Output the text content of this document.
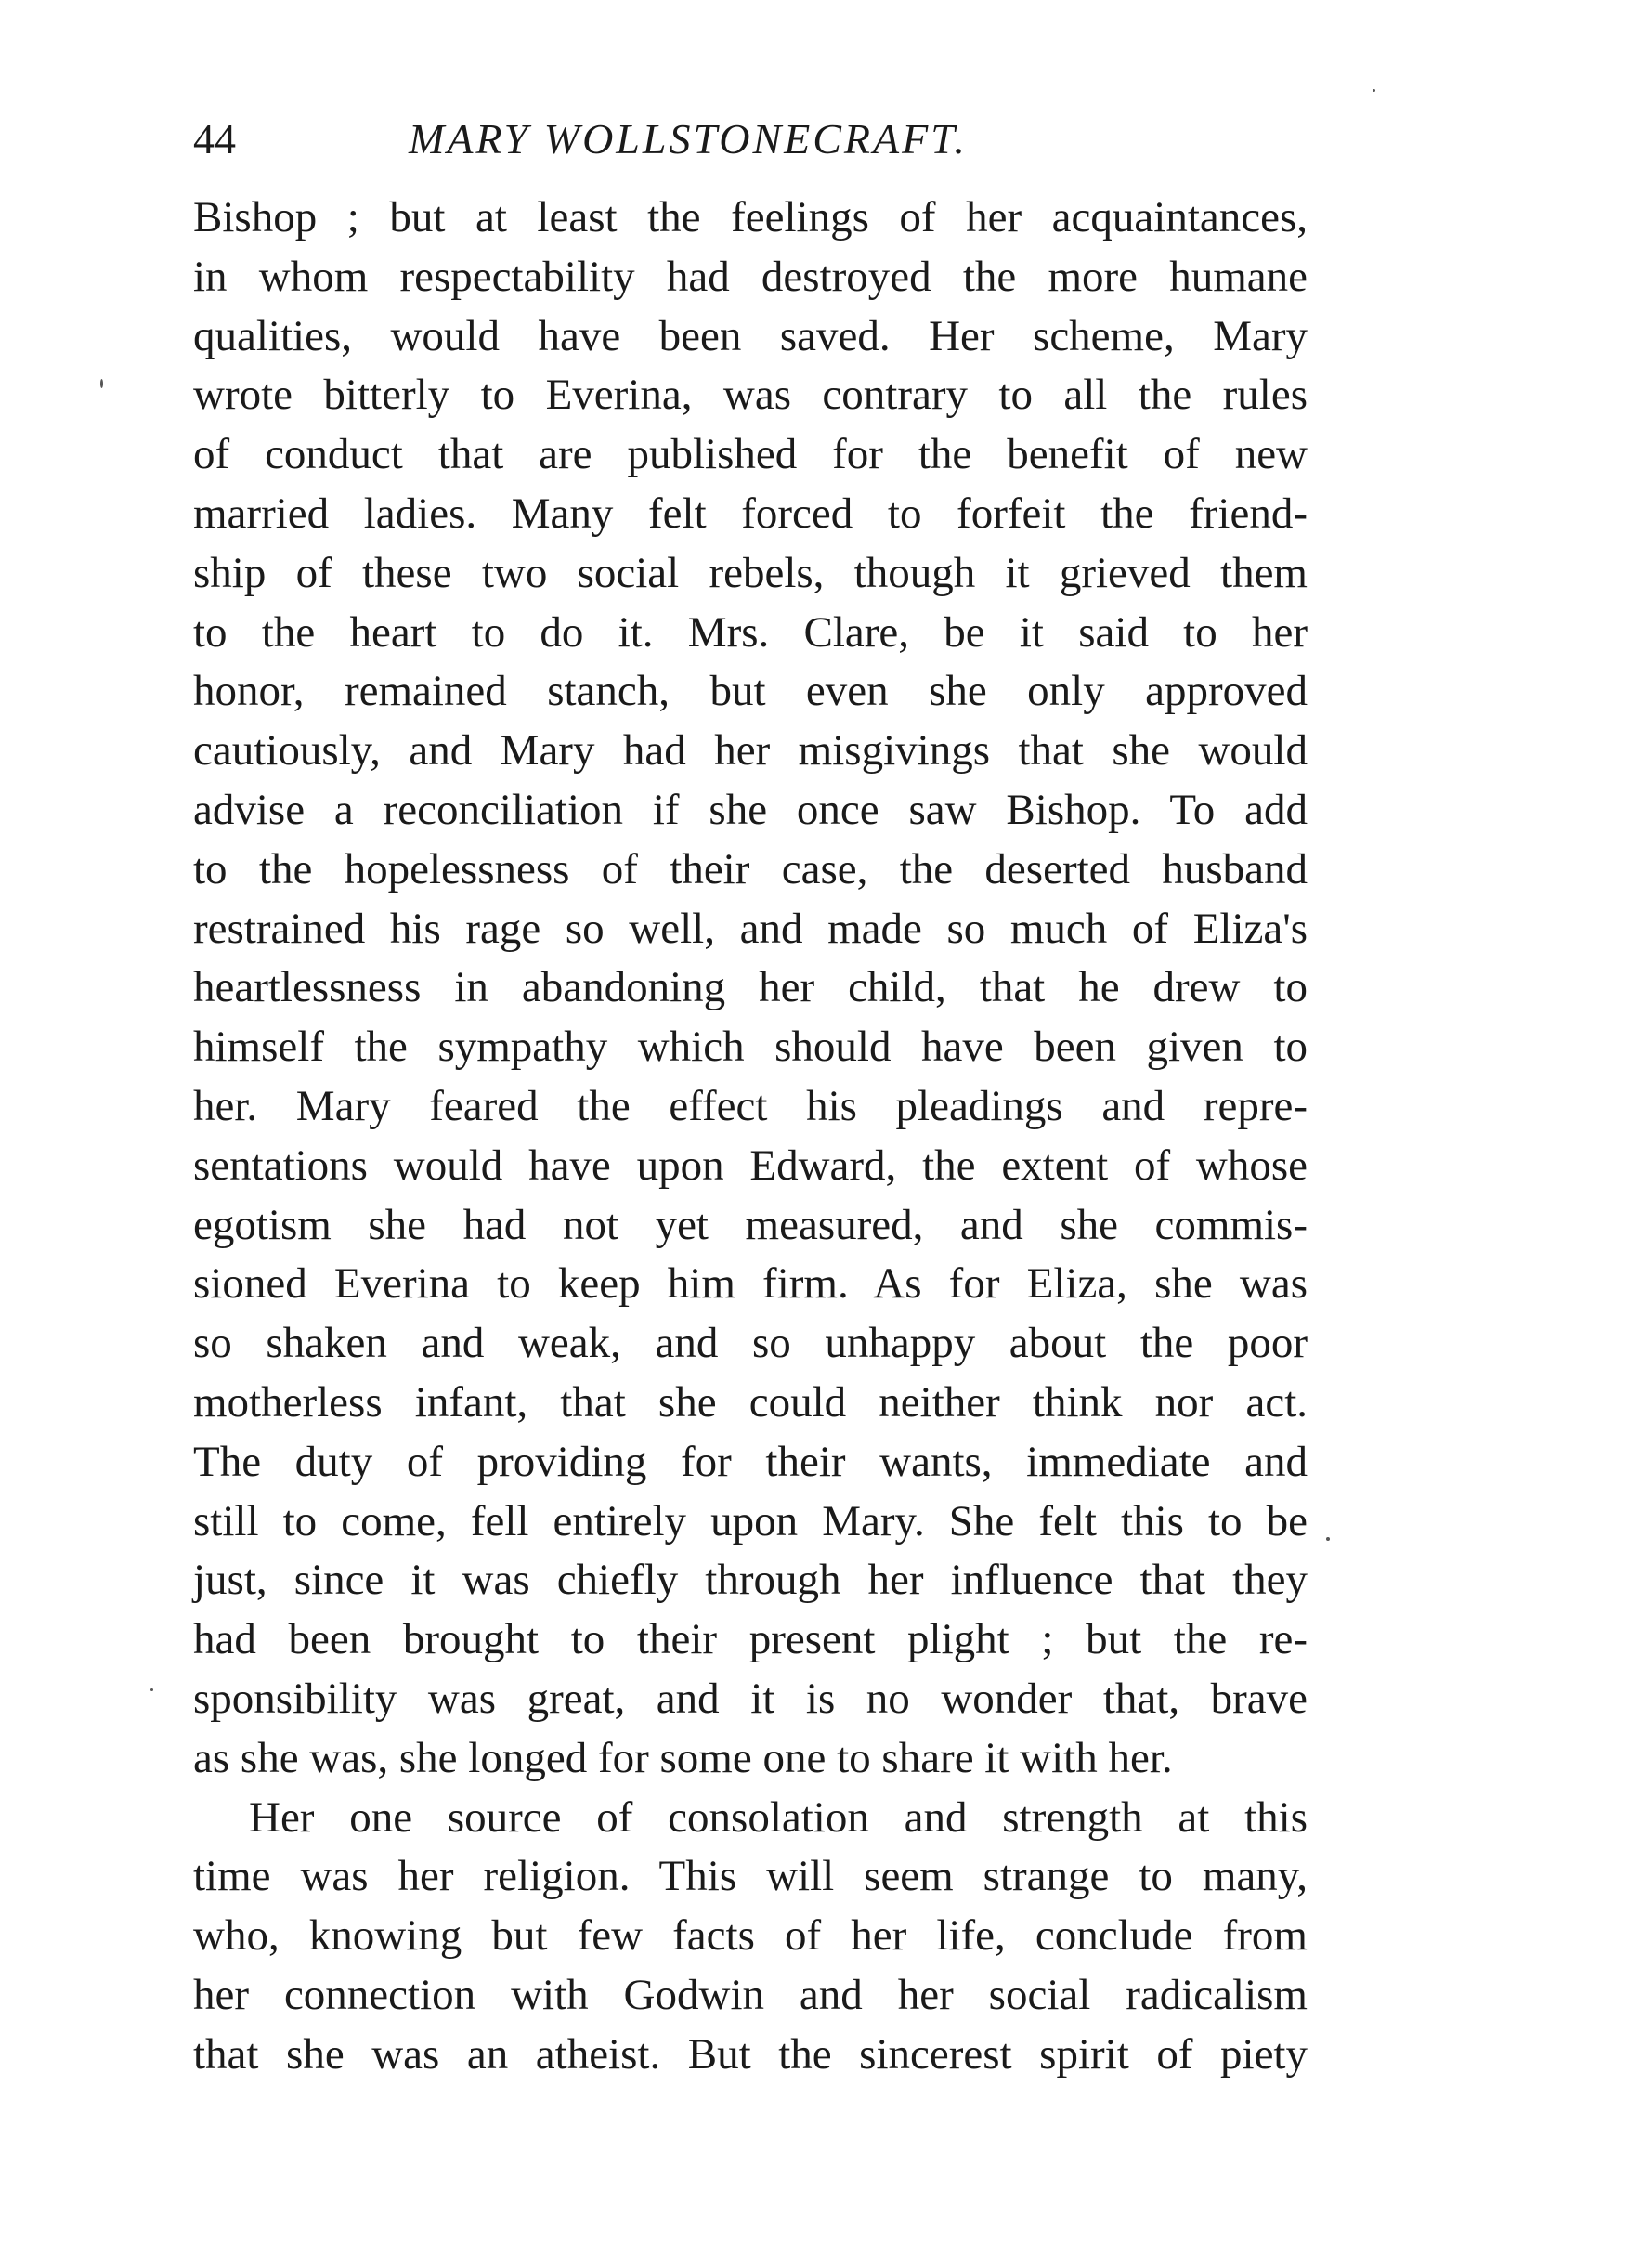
44	MARY WOLLSTONECRAFT.

Bishop ; but at least the feelings of her acquaintances,
in whom respectability had destroyed the more humane
qualities, would have been saved. Her scheme, Mary
wrote bitterly to Everina, was contrary to all the rules
of conduct that are published for the benefit of new
married ladies. Many felt forced to forfeit the friend-
ship of these two social rebels, though it grieved them
to the heart to do it. Mrs. Clare, be it said to her
honor, remained stanch, but even she only approved
cautiously, and Mary had her misgivings that she would
advise a reconciliation if she once saw Bishop. To add
to the hopelessness of their case, the deserted husband
restrained his rage so well, and made so much of Eliza's
heartlessness in abandoning her child, that he drew to
himself the sympathy which should have been given to
her. Mary feared the effect his pleadings and repre-
sentations would have upon Edward, the extent of whose
egotism she had not yet measured, and she commis-
sioned Everina to keep him firm. As for Eliza, she was
so shaken and weak, and so unhappy about the poor
motherless infant, that she could neither think nor act.
The duty of providing for their wants, immediate and
still to come, fell entirely upon Mary. She felt this to be
just, since it was chiefly through her influence that they
had been brought to their present plight ; but the re-
sponsibility was great, and it is no wonder that, brave
as she was, she longed for some one to share it with her.

Her one source of consolation and strength at this
time was her religion. This will seem strange to many,
who, knowing but few facts of her life, conclude from
her connection with Godwin and her social radicalism
that she was an atheist. But the sincerest spirit of piety
